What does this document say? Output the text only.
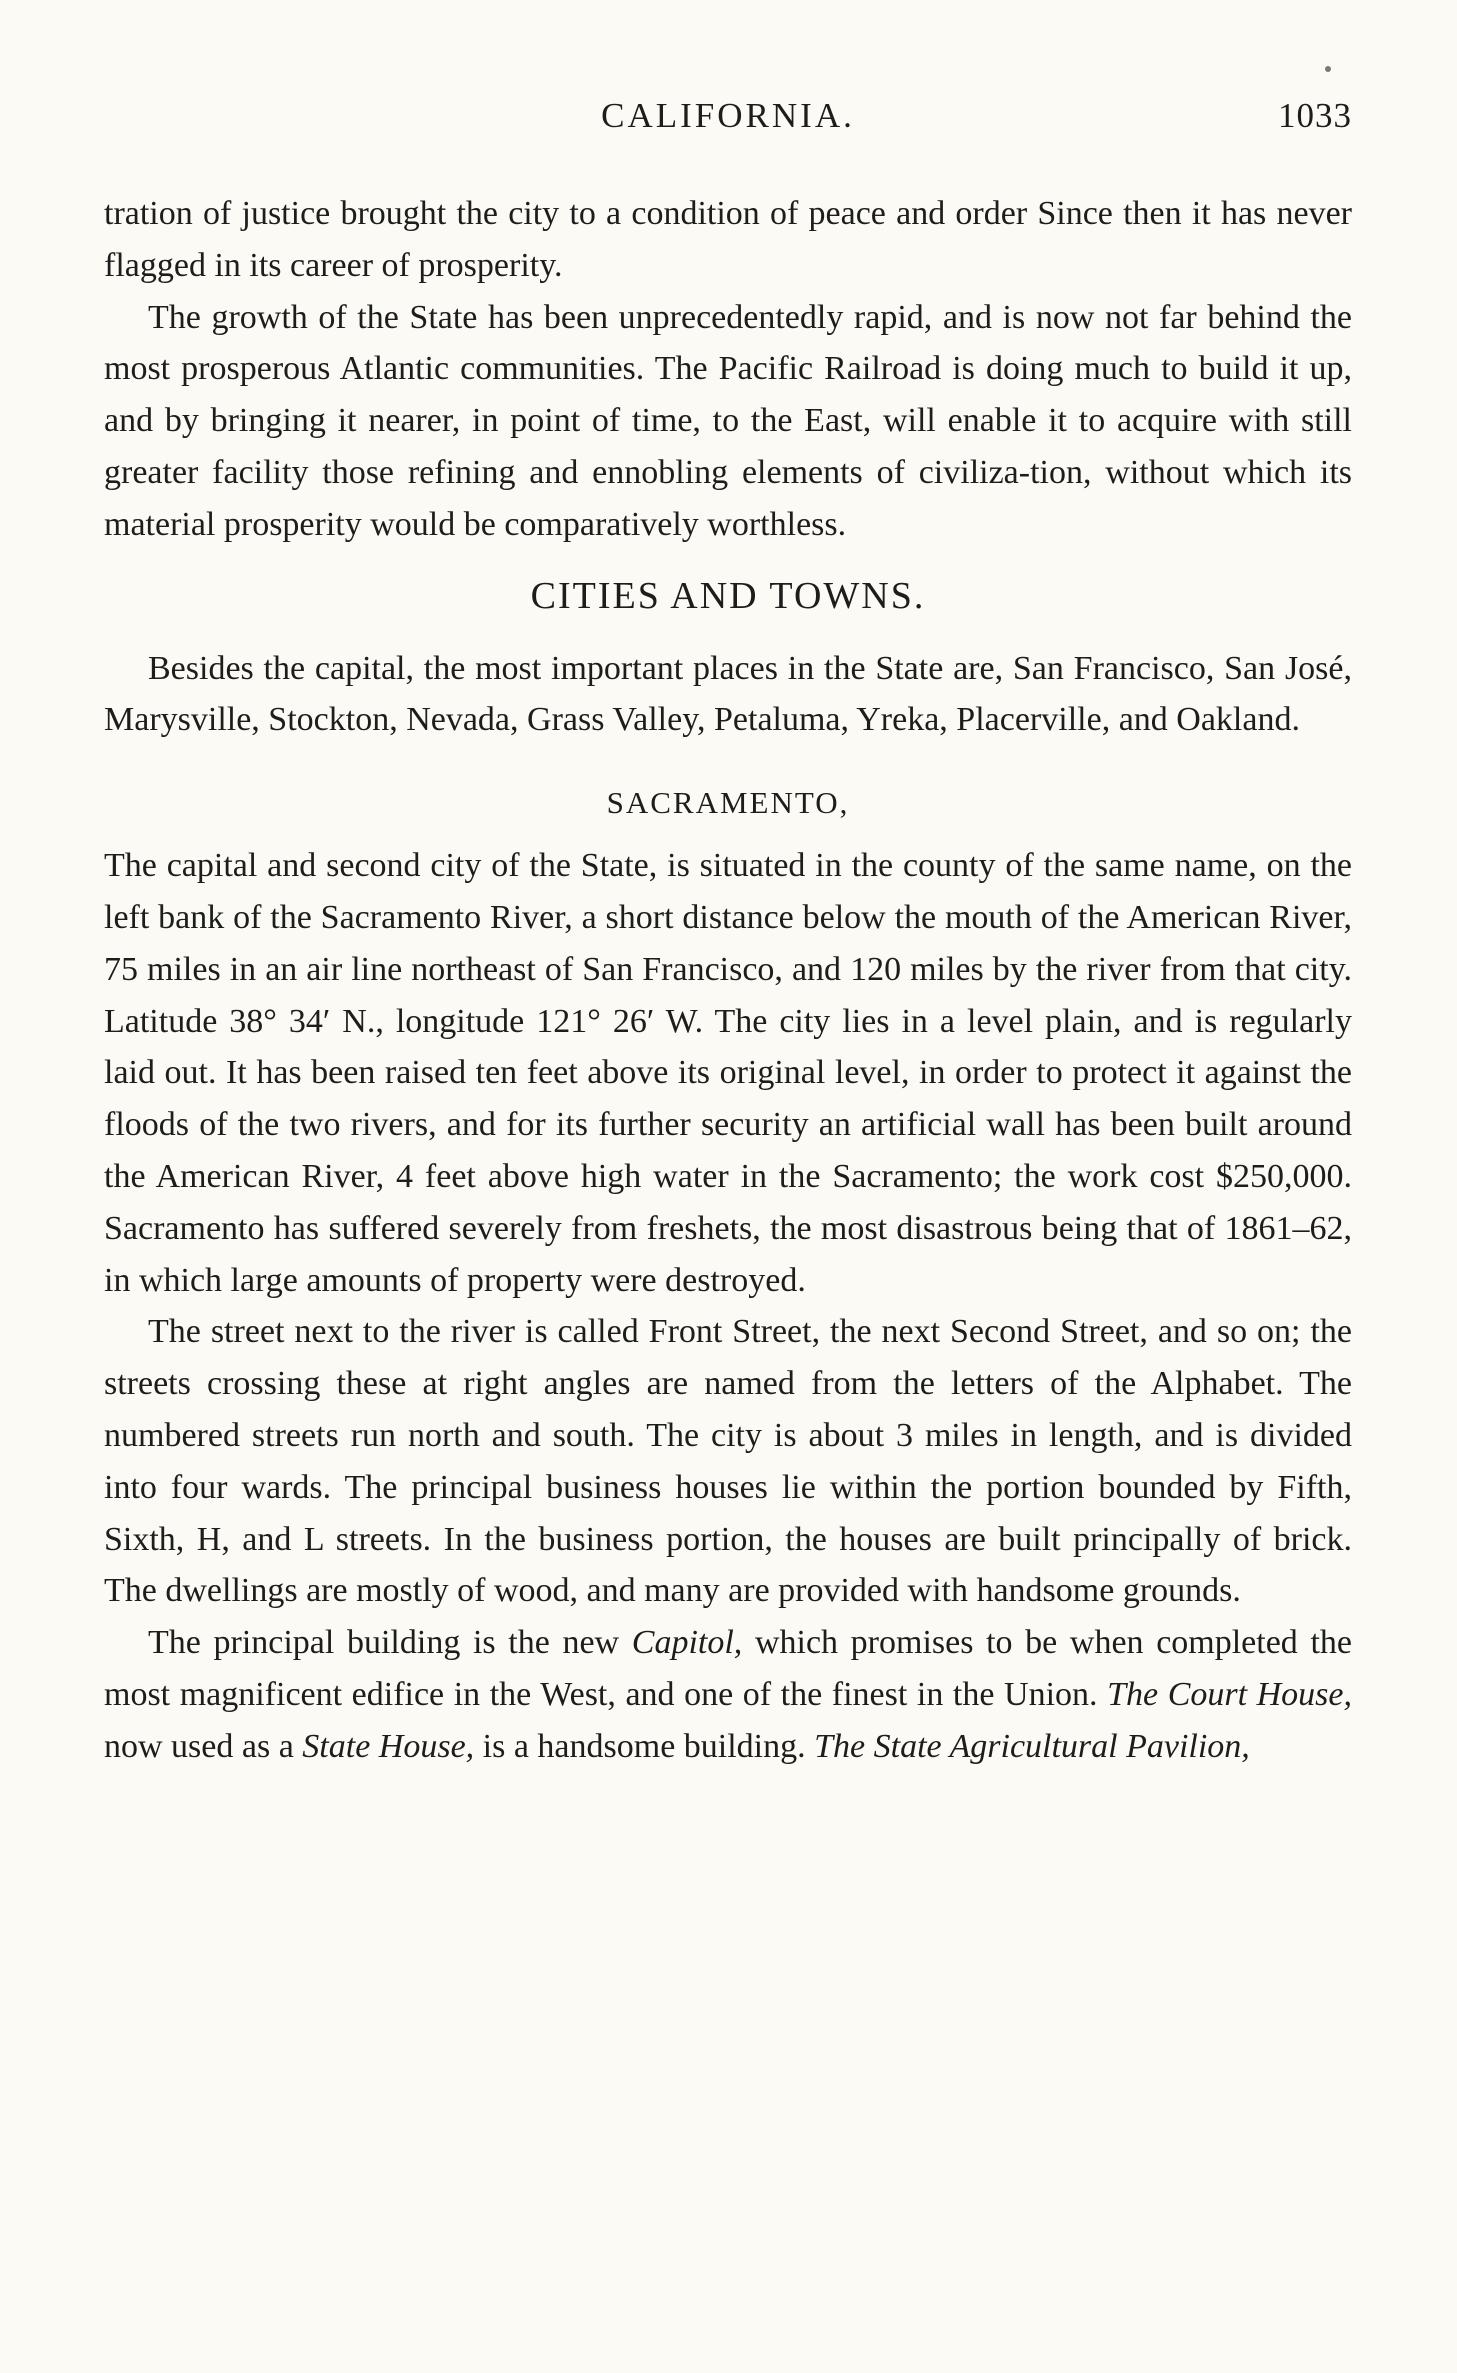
CALIFORNIA.	1033

tration of justice brought the city to a condition of peace and order Since then it has never flagged in its career of prosperity.

The growth of the State has been unprecedentedly rapid, and is now not far behind the most prosperous Atlantic communities. The Pacific Railroad is doing much to build it up, and by bringing it nearer, in point of time, to the East, will enable it to acquire with still greater facility those refining and ennobling elements of civiliza-tion, without which its material prosperity would be comparatively worthless.

CITIES AND TOWNS.

Besides the capital, the most important places in the State are, San Francisco, San José, Marysville, Stockton, Nevada, Grass Valley, Petaluma, Yreka, Placerville, and Oakland.

SACRAMENTO,

The capital and second city of the State, is situated in the county of the same name, on the left bank of the Sacramento River, a short distance below the mouth of the American River, 75 miles in an air line northeast of San Francisco, and 120 miles by the river from that city. Latitude 38° 34′ N., longitude 121° 26′ W. The city lies in a level plain, and is regularly laid out. It has been raised ten feet above its original level, in order to protect it against the floods of the two rivers, and for its further security an artificial wall has been built around the American River, 4 feet above high water in the Sacramento; the work cost $250,000. Sacramento has suffered severely from freshets, the most disastrous being that of 1861–62, in which large amounts of property were destroyed.

The street next to the river is called Front Street, the next Second Street, and so on; the streets crossing these at right angles are named from the letters of the Alphabet. The numbered streets run north and south. The city is about 3 miles in length, and is divided into four wards. The principal business houses lie within the portion bounded by Fifth, Sixth, H, and L streets. In the business portion, the houses are built principally of brick. The dwellings are mostly of wood, and many are provided with handsome grounds.

The principal building is the new Capitol, which promises to be when completed the most magnificent edifice in the West, and one of the finest in the Union. The Court House, now used as a State House, is a handsome building. The State Agricultural Pavilion,
